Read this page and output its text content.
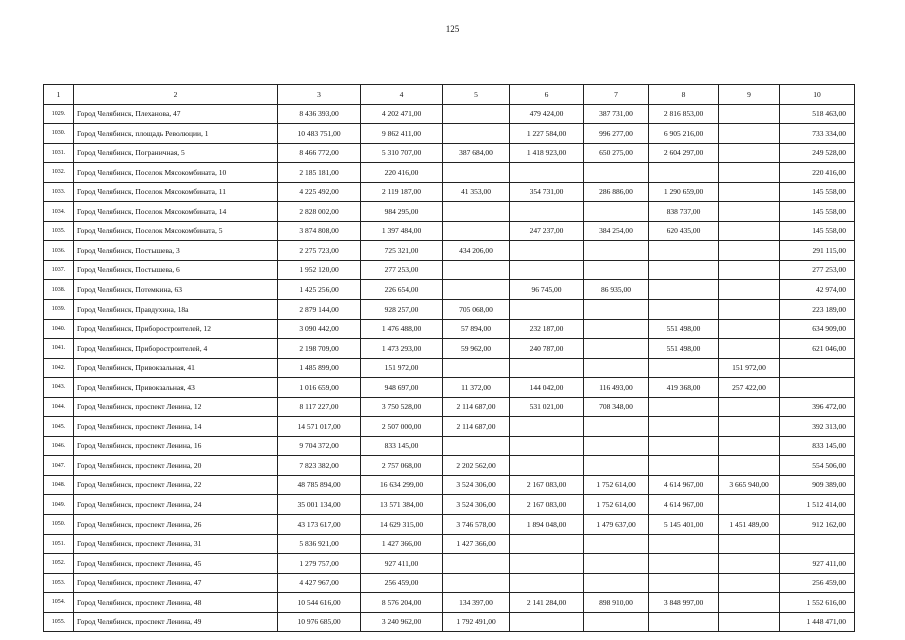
125
1	2	3	4	5	6	7	8	9	10
1029.	Город Челябинск, Плеханова, 47	8 436 393,00	4 202 471,00		479 424,00	387 731,00	2 816 853,00		518 463,00
1030.	Город Челябинск, площадь Революции, 1	10 483 751,00	9 862 411,00		1 227 584,00	996 277,00	6 905 216,00		733 334,00
1031.	Город Челябинск, Пограничная, 5	8 466 772,00	5 310 707,00	387 684,00	1 418 923,00	650 275,00	2 604 297,00		249 528,00
1032.	Город Челябинск, Поселок Мясокомбината, 10	2 185 181,00	220 416,00						220 416,00
1033.	Город Челябинск, Поселок Мясокомбината, 11	4 225 492,00	2 119 187,00	41 353,00	354 731,00	286 886,00	1 290 659,00		145 558,00
1034.	Город Челябинск, Поселок Мясокомбината, 14	2 828 002,00	984 295,00				838 737,00		145 558,00
1035.	Город Челябинск, Поселок Мясокомбината, 5	3 874 808,00	1 397 484,00		247 237,00	384 254,00	620 435,00		145 558,00
1036.	Город Челябинск, Постышева, 3	2 275 723,00	725 321,00	434 206,00					291 115,00
1037.	Город Челябинск, Постышева, 6	1 952 120,00	277 253,00						277 253,00
1038.	Город Челябинск, Потемкина, 63	1 425 256,00	226 654,00		96 745,00	86 935,00			42 974,00
1039.	Город Челябинск, Правдухина, 18а	2 879 144,00	928 257,00	705 068,00					223 189,00
1040.	Город Челябинск, Приборостроителей, 12	3 090 442,00	1 476 488,00	57 894,00	232 187,00		551 498,00		634 909,00
1041.	Город Челябинск, Приборостроителей, 4	2 198 709,00	1 473 293,00	59 962,00	240 787,00		551 498,00		621 046,00
1042.	Город Челябинск, Привокзальная, 41	1 485 899,00	151 972,00					151 972,00	
1043.	Город Челябинск, Привокзальная, 43	1 016 659,00	948 697,00	11 372,00	144 042,00	116 493,00	419 368,00	257 422,00	
1044.	Город Челябинск, проспект Ленина, 12	8 117 227,00	3 750 528,00	2 114 687,00	531 021,00	708 348,00			396 472,00
1045.	Город Челябинск, проспект Ленина, 14	14 571 017,00	2 507 000,00	2 114 687,00					392 313,00
1046.	Город Челябинск, проспект Ленина, 16	9 704 372,00	833 145,00						833 145,00
1047.	Город Челябинск, проспект Ленина, 20	7 823 382,00	2 757 068,00	2 202 562,00					554 506,00
1048.	Город Челябинск, проспект Ленина, 22	48 785 894,00	16 634 299,00	3 524 306,00	2 167 083,00	1 752 614,00	4 614 967,00	3 665 940,00	909 389,00
1049.	Город Челябинск, проспект Ленина, 24	35 001 134,00	13 571 384,00	3 524 306,00	2 167 083,00	1 752 614,00	4 614 967,00		1 512 414,00
1050.	Город Челябинск, проспект Ленина, 26	43 173 617,00	14 629 315,00	3 746 578,00	1 894 048,00	1 479 637,00	5 145 401,00	1 451 489,00	912 162,00
1051.	Город Челябинск, проспект Ленина, 31	5 836 921,00	1 427 366,00	1 427 366,00					
1052.	Город Челябинск, проспект Ленина, 45	1 279 757,00	927 411,00						927 411,00
1053.	Город Челябинск, проспект Ленина, 47	4 427 967,00	256 459,00						256 459,00
1054.	Город Челябинск, проспект Ленина, 48	10 544 616,00	8 576 204,00	134 397,00	2 141 284,00	898 910,00	3 848 997,00		1 552 616,00
1055.	Город Челябинск, проспект Ленина, 49	10 976 685,00	3 240 962,00	1 792 491,00					1 448 471,00
